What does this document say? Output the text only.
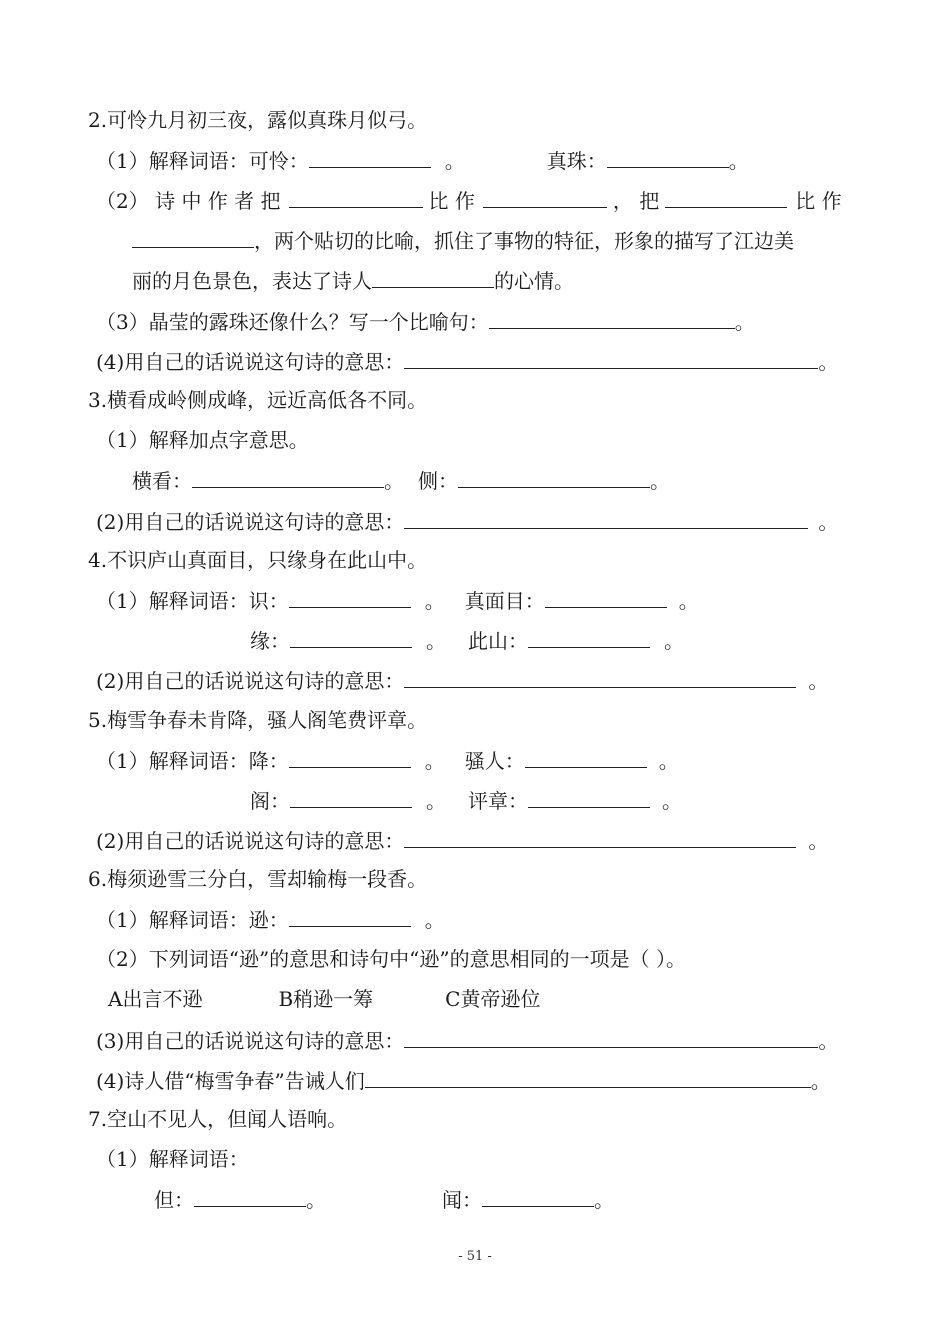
2.可怜九月初三夜，露似真珠月似弓。
（1）解释词语：可怜：	。	真珠：	。
（2） 诗 中 作 者 把	比 作	， 把	比 作
，两个贴切的比喻，抓住了事物的特征，形象的描写了江边美
丽的月色景色，表达了诗人	的心情。
（3）晶莹的露珠还像什么？写一个比喻句：	。
(4)用自己的话说说这句诗的意思：	。
3.横看成岭侧成峰，远近高低各不同。
（1）解释加点字意思。
横看：	。 侧：	。
(2)用自己的话说说这句诗的意思：	。
4.不识庐山真面目，只缘身在此山中。
（1）解释词语：识：	。 真面目：	。
缘：	。 此山：	。
(2)用自己的话说说这句诗的意思：	。
5.梅雪争春未肯降，骚人阁笔费评章。
（1）解释词语：降：	。 骚人：	。
阁：	。 评章：	。
(2)用自己的话说说这句诗的意思：	。
6.梅须逊雪三分白，雪却输梅一段香。
（1）解释词语：逊：	。
（2）下列词语“逊”的意思和诗句中“逊”的意思相同的一项是（ ）。
A出言不逊	B稍逊一筹	C黄帝逊位
(3)用自己的话说说这句诗的意思：	。
(4)诗人借“梅雪争春”告诫人们	。
7.空山不见人，但闻人语响。
（1）解释词语：
但：	。	闻：	。
- 51 -
